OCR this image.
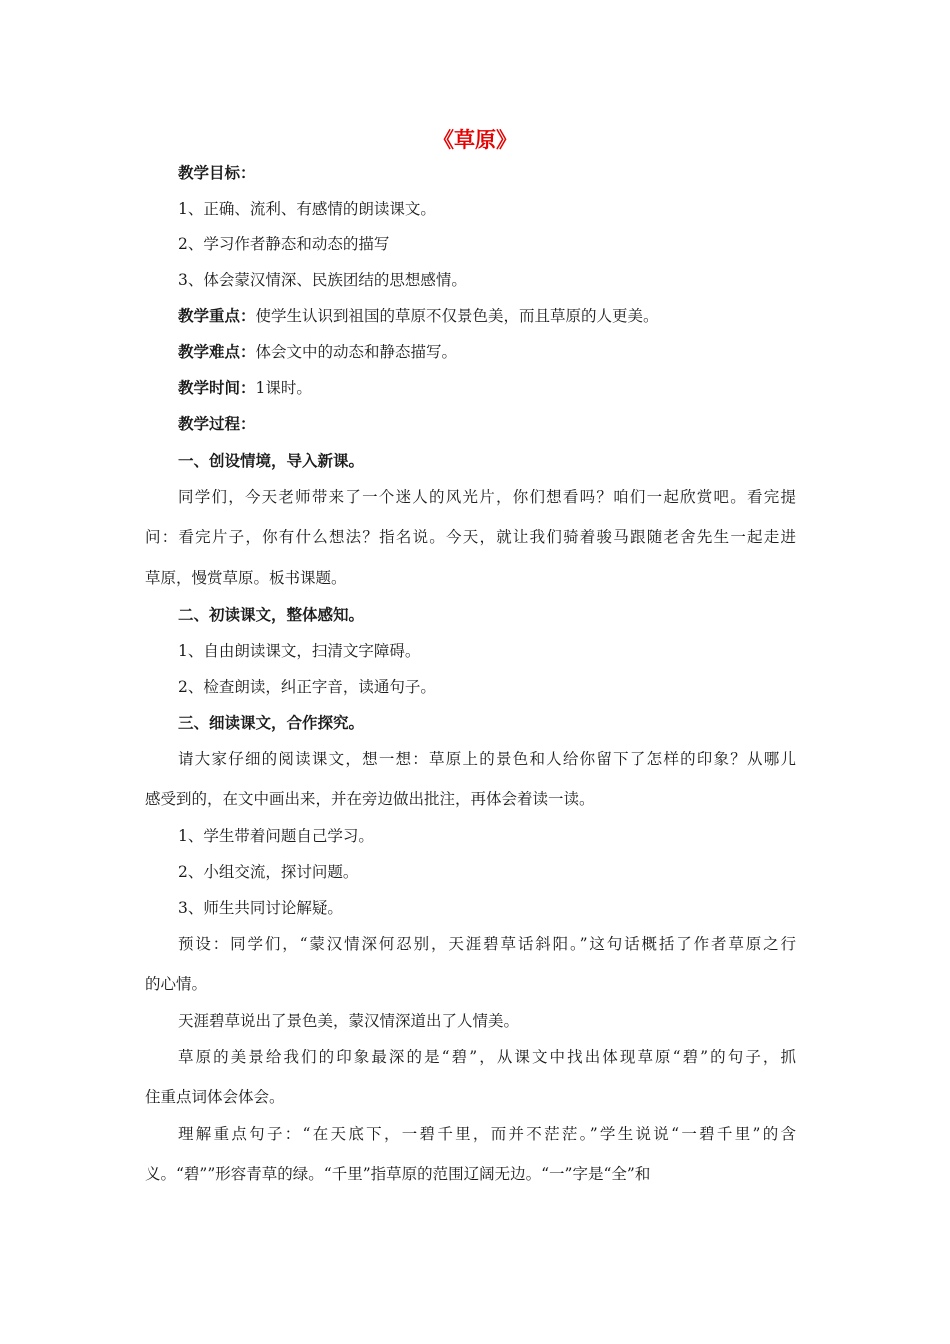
《草原》
教学目标：
1、正确、流利、有感情的朗读课文。
2、学习作者静态和动态的描写
3、体会蒙汉情深、民族团结的思想感情。
教学重点：使学生认识到祖国的草原不仅景色美，而且草原的人更美。
教学难点：体会文中的动态和静态描写。
教学时间：1课时。
教学过程：
一、创设情境，导入新课。
同学们，今天老师带来了一个迷人的风光片，你们想看吗？咱们一起欣赏吧。看完提
问：看完片子，你有什么想法？指名说。今天，就让我们骑着骏马跟随老舍先生一起走进
草原，慢赏草原。板书课题。
二、初读课文，整体感知。
1、自由朗读课文，扫清文字障碍。
2、检查朗读，纠正字音，读通句子。
三、细读课文，合作探究。
请大家仔细的阅读课文，想一想：草原上的景色和人给你留下了怎样的印象？从哪儿
感受到的，在文中画出来，并在旁边做出批注，再体会着读一读。
1、学生带着问题自己学习。
2、小组交流，探讨问题。
3、师生共同讨论解疑。
预设：同学们，“蒙汉情深何忍别，天涯碧草话斜阳。”这句话概括了作者草原之行
的心情。
天涯碧草说出了景色美，蒙汉情深道出了人情美。
草原的美景给我们的印象最深的是“碧”，从课文中找出体现草原“碧”的句子，抓
住重点词体会体会。
理解重点句子：“在天底下，一碧千里，而并不茫茫。”学生说说“一碧千里”的含
义。“碧””形容青草的绿。“千里”指草原的范围辽阔无边。“一”字是“全”和
